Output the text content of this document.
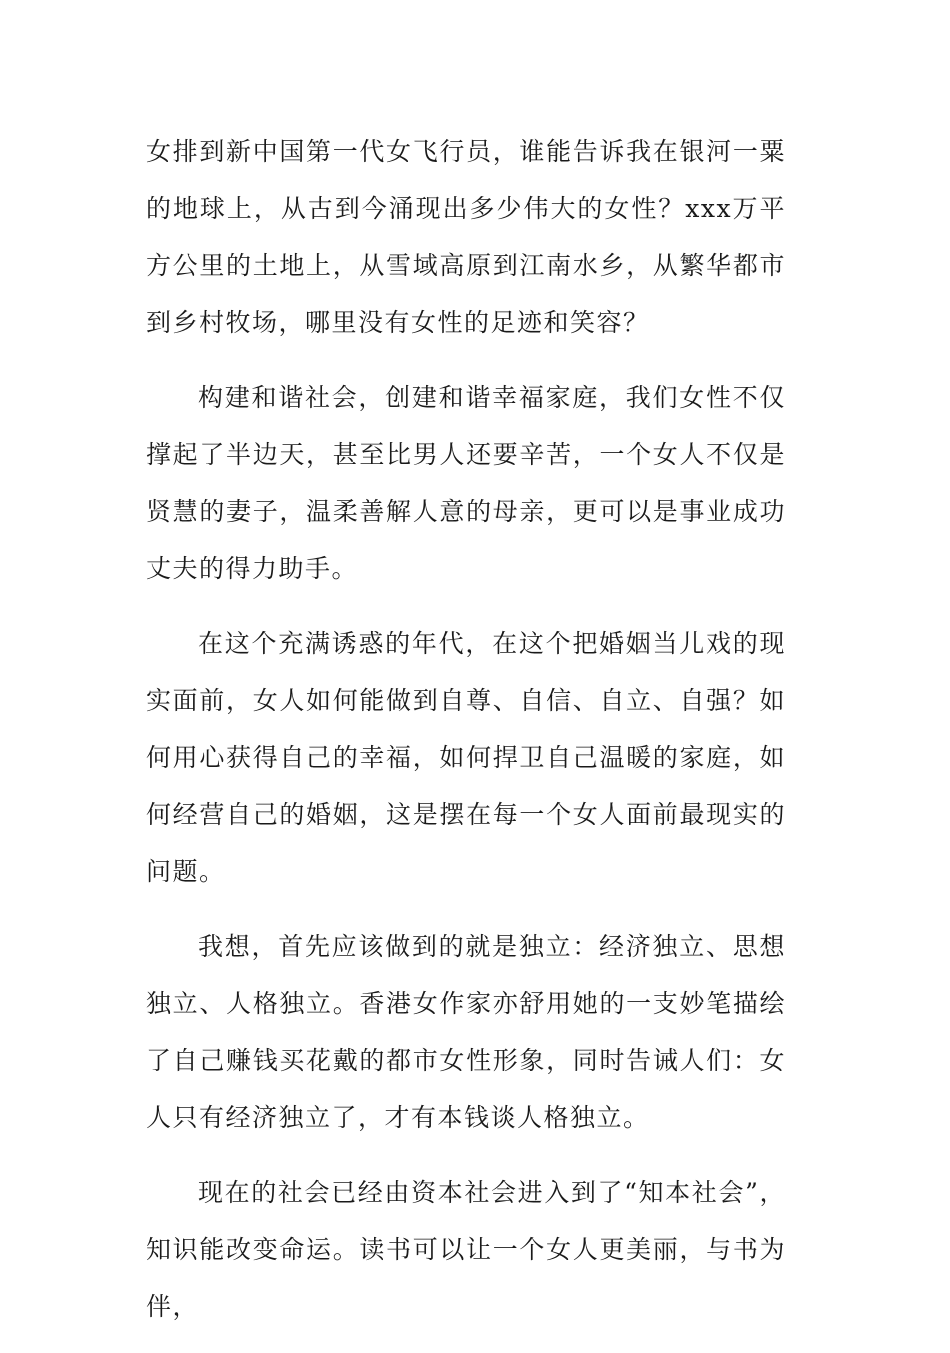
女排到新中国第一代女飞行员，谁能告诉我在银河一粟的地球上，从古到今涌现出多少伟大的女性？xxx万平方公里的土地上，从雪域高原到江南水乡，从繁华都市到乡村牧场，哪里没有女性的足迹和笑容？

构建和谐社会，创建和谐幸福家庭，我们女性不仅撑起了半边天，甚至比男人还要辛苦，一个女人不仅是贤慧的妻子，温柔善解人意的母亲，更可以是事业成功丈夫的得力助手。

在这个充满诱惑的年代，在这个把婚姻当儿戏的现实面前，女人如何能做到自尊、自信、自立、自强？如何用心获得自己的幸福，如何捍卫自己温暖的家庭，如何经营自己的婚姻，这是摆在每一个女人面前最现实的问题。

我想，首先应该做到的就是独立：经济独立、思想独立、人格独立。香港女作家亦舒用她的一支妙笔描绘了自己赚钱买花戴的都市女性形象，同时告诫人们：女人只有经济独立了，才有本钱谈人格独立。

现在的社会已经由资本社会进入到了“知本社会”，知识能改变命运。读书可以让一个女人更美丽，与书为伴，
